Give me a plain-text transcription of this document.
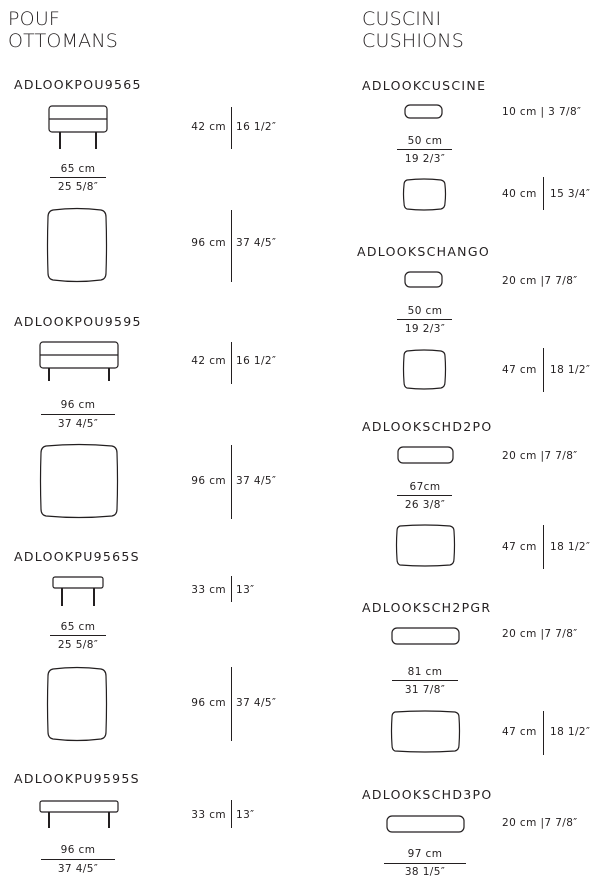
POUF
OTTOMANS
ADLOOKPOU9565
42 cm 16 1/2″
65 cm
25 5/8″
96 cm 37 4/5″
ADLOOKPOU9595
42 cm 16 1/2″
96 cm
37 4/5″
96 cm 37 4/5″
ADLOOKPU9565S
33 cm 13″
65 cm
25 5/8″
96 cm 37 4/5″
ADLOOKPU9595S
33 cm 13″
96 cm
37 4/5″
CUSCINI
CUSHIONS
ADLOOKCUSCINE
10 cm | 3 7/8″
50 cm
19 2/3″
40 cm 15 3/4″
ADLOOKSCHANGO
20 cm |7 7/8″
50 cm
19 2/3″
47 cm 18 1/2″
ADLOOKSCHD2PO
20 cm |7 7/8″
67cm
26 3/8″
47 cm 18 1/2″
ADLOOKSCH2PGR
20 cm |7 7/8″
81 cm
31 7/8″
47 cm 18 1/2″
ADLOOKSCHD3PO
20 cm |7 7/8″
97 cm
38 1/5″
